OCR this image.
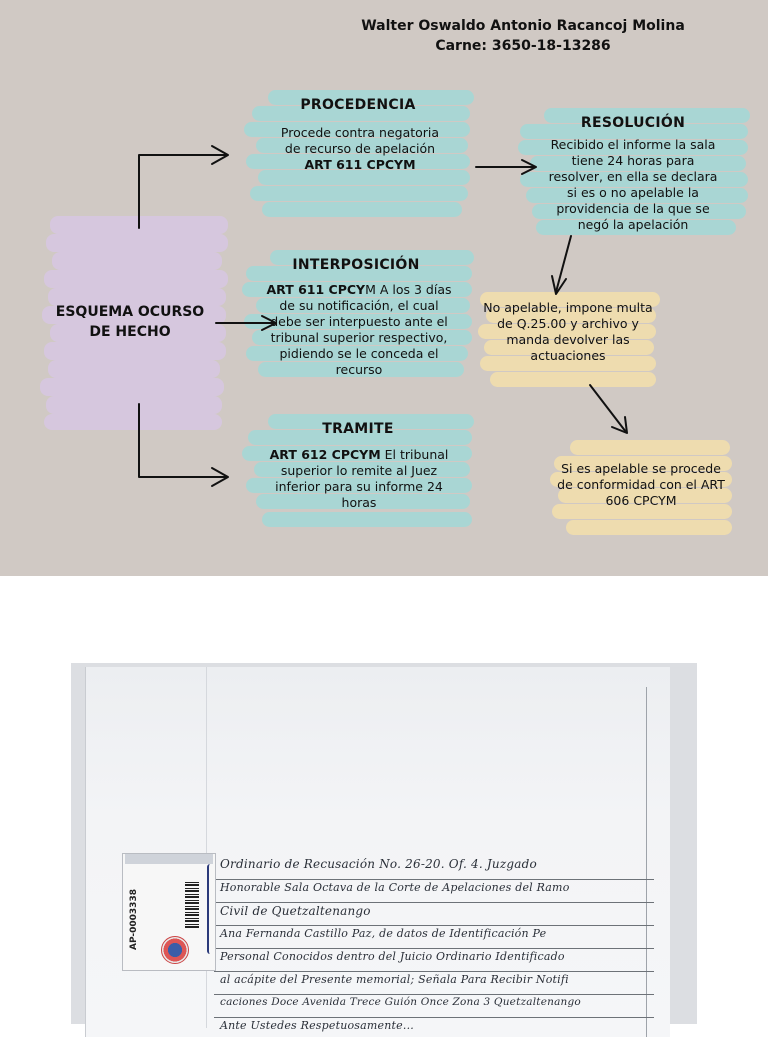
Walter Oswaldo Antonio Racancoj Molina
Carne: 3650-18-13286
ESQUEMA OCURSO
DE HECHO
PROCEDENCIA
Procede contra negatoria
de recurso de apelación
ART 611 CPCYM
INTERPOSICIÓN
ART 611 CPCYM A los 3 días
de su notificación, el cual
debe ser interpuesto ante el
tribunal superior respectivo,
pidiendo se le conceda el
recurso
TRAMITE
ART 612 CPCYM El tribunal
superior lo remite al Juez
inferior para su informe 24
horas
RESOLUCIÓN
Recibido el informe la sala
tiene 24 horas para
resolver, en ella se declara
si es o no apelable la
providencia de la que se
negó la apelación
No apelable, impone multa
de Q.25.00 y archivo y
manda devolver las
actuaciones
Si es apelable se procede
de conformidad con el ART
606 CPCYM
Ordinario de Recusación No. 26-20. Of. 4. Juzgado
Honorable Sala Octava de la Corte de Apelaciones del Ramo
Civil de Quetzaltenango
Ana Fernanda Castillo Paz, de datos de Identificación Pe
Personal Conocidos dentro del Juicio Ordinario Identificado
al acápite del Presente memorial; Señala Para Recibir Notifi
caciones Doce Avenida Trece Guión Once Zona 3 Quetzaltenango
Ante Ustedes Respetuosamente...
AP-0003338
